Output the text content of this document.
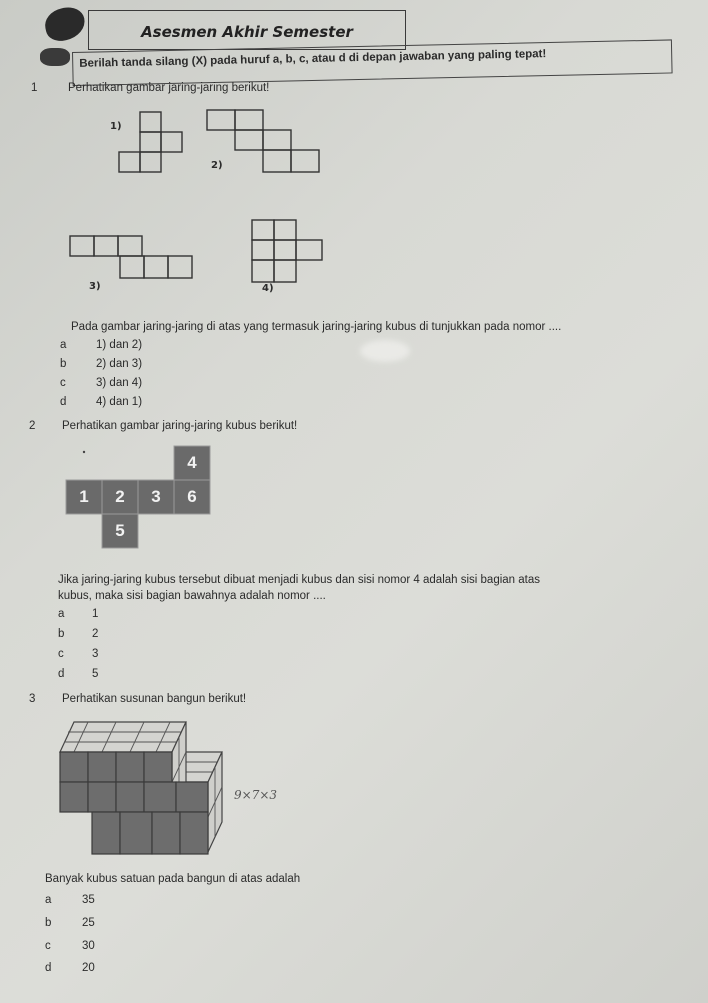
Asesmen Akhir Semester
Berilah tanda silang (X) pada huruf a, b, c, atau d di depan jawaban yang paling tepat!
1	Perhatikan gambar jaring-jaring berikut!
1)
2)
3)	4)
Pada gambar jaring-jaring di atas yang termasuk jaring-jaring kubus di tunjukkan pada nomor ....
a	1) dan 2)
b	2) dan 3)
c	3) dan 4)
d	4) dan 1)
2 Perhatikan gambar jaring-jaring kubus berikut!
4
1	2	3	6
5
Jika jaring-jaring kubus tersebut dibuat menjadi kubus dan sisi nomor 4 adalah sisi bagian atas
kubus, maka sisi bagian bawahnya adalah nomor ....
a 1
b 2
c 3
d 5
3 Perhatikan susunan bangun berikut!
9×7×3
Banyak kubus satuan pada bangun di atas adalah
a	35
b	25
c	30
d	20
